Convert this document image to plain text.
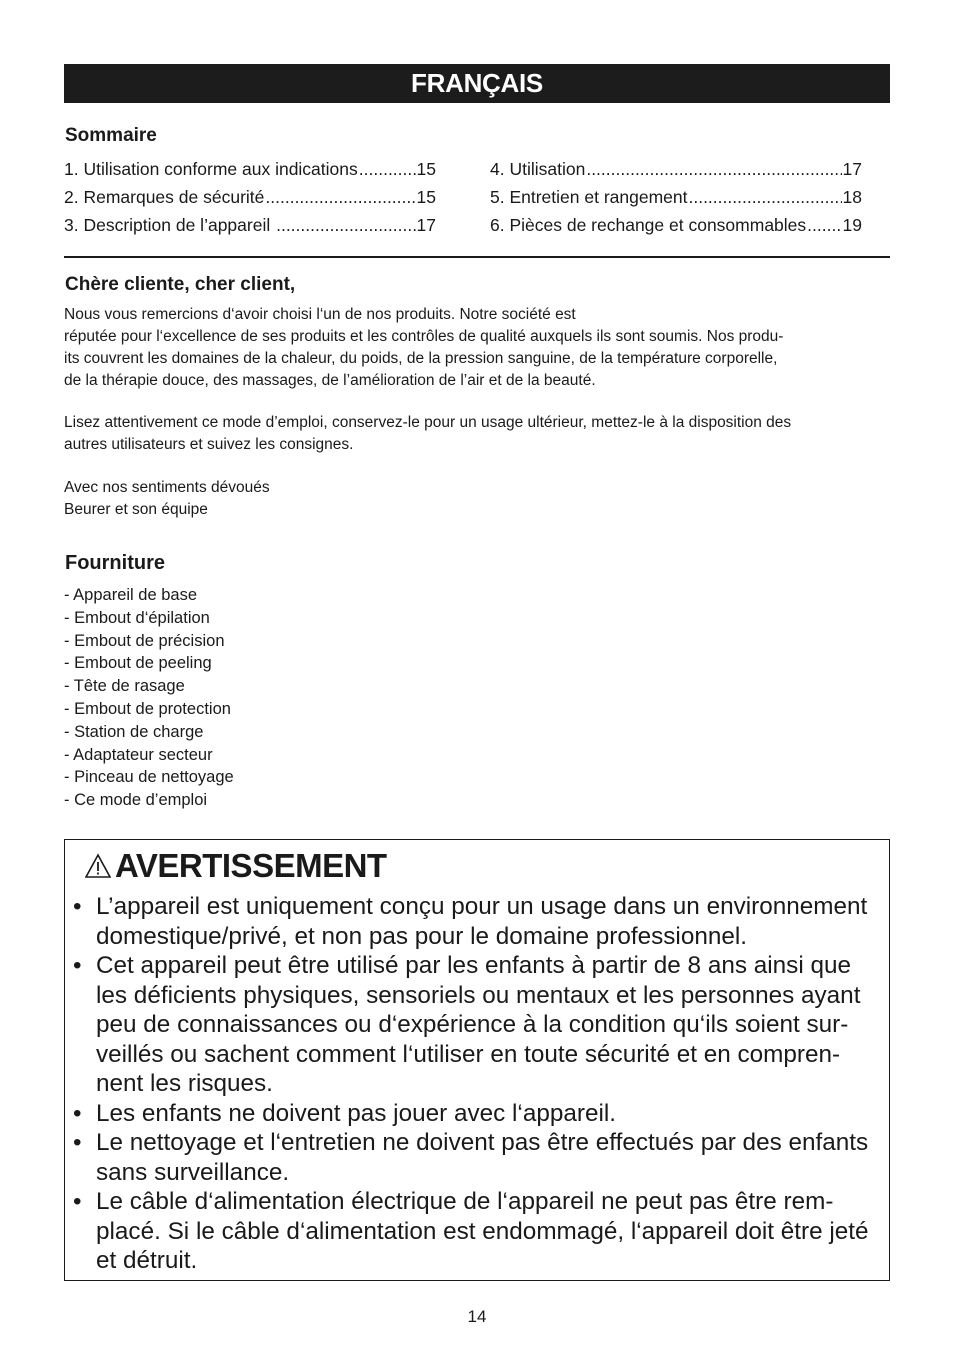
FRANÇAIS
Sommaire
1. Utilisation conforme aux indications .....	15
2. Remarques de sécurité .....	15
3. Description de l’appareil .....	17
4. Utilisation .....	17
5. Entretien et rangement .....	18
6. Pièces de rechange et consommables ..... 19
Chère cliente, cher client,
Nous vous remercions d‘avoir choisi l‘un de nos produits. Notre société est
réputée pour l‘excellence de ses produits et les contrôles de qualité auxquels ils sont soumis. Nos produ-
its couvrent les domaines de la chaleur, du poids, de la pression sanguine, de la température corporelle,
de la thérapie douce, des massages, de l’amélioration de l’air et de la beauté.
Lisez attentivement ce mode d’emploi, conservez-le pour un usage ultérieur, mettez-le à la disposition des
autres utilisateurs et suivez les consignes.
Avec nos sentiments dévoués
Beurer et son équipe
Fourniture
- Appareil de base
- Embout d‘épilation
- Embout de précision
- Embout de peeling
- Tête de rasage
- Embout de protection
- Station de charge
- Adaptateur secteur
- Pinceau de nettoyage
- Ce mode d’emploi
AVERTISSEMENT
• L’appareil est uniquement conçu pour un usage dans un environnement
domestique/privé, et non pas pour le domaine professionnel.
• Cet appareil peut être utilisé par les enfants à partir de 8 ans ainsi que
les déficients physiques, sensoriels ou mentaux et les personnes ayant
peu de connaissances ou d‘expérience à la condition qu‘ils soient sur-
veillés ou sachent comment l‘utiliser en toute sécurité et en compren-
nent les risques.
• Les enfants ne doivent pas jouer avec l‘appareil.
• Le nettoyage et l‘entretien ne doivent pas être effectués par des enfants
sans surveillance.
• Le câble d‘alimentation électrique de l‘appareil ne peut pas être rem-
placé. Si le câble d‘alimentation est endommagé, l‘appareil doit être jeté
et détruit.
14
